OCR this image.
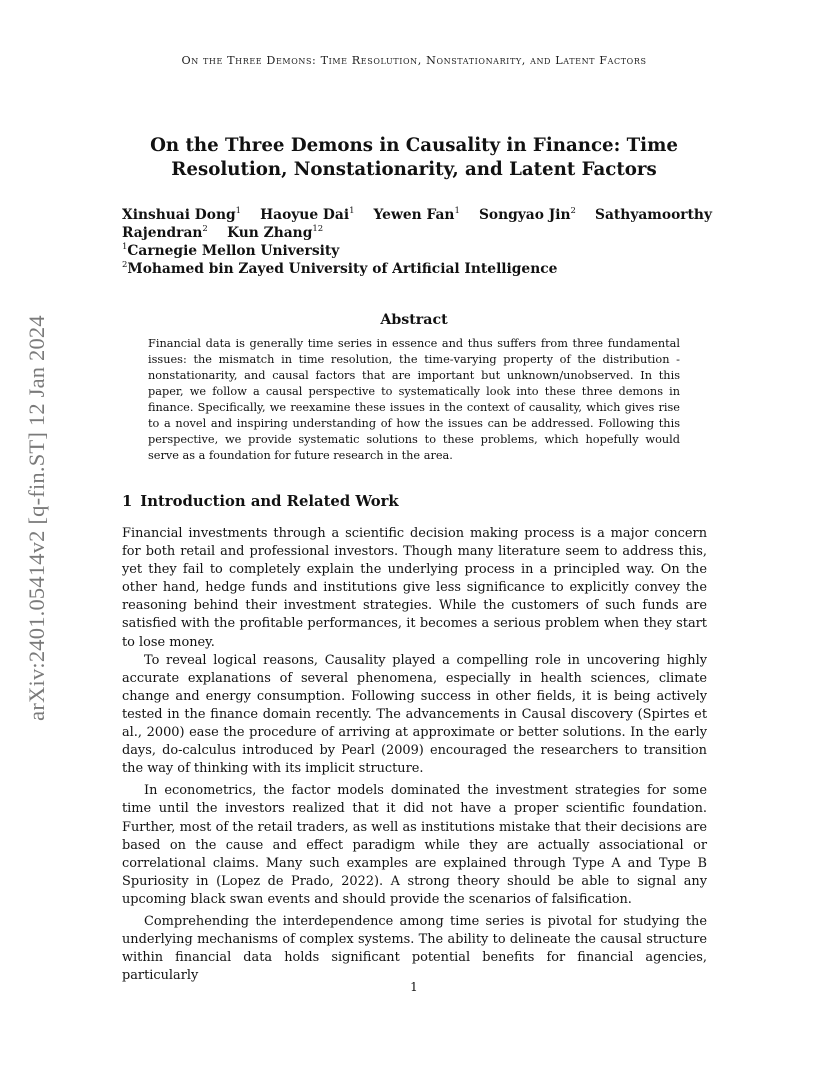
On the Three Demons: Time Resolution, Nonstationarity, and Latent Factors
arXiv:2401.05414v2 [q-fin.ST] 12 Jan 2024
On the Three Demons in Causality in Finance: Time Resolution, Nonstationarity, and Latent Factors
Xinshuai Dong$^1$ Haoyue Dai$^1$ Yewen Fan$^1$ Songyao Jin$^2$ Sathyamoorthy
Rajendran$^2$ Kun Zhang$^{12}$
$^1$Carnegie Mellon University
$^2$Mohamed bin Zayed University of Artificial Intelligence
Abstract
Financial data is generally time series in essence and thus suffers from three fundamental issues: the mismatch in time resolution, the time-varying property of the distribution - nonstationarity, and causal factors that are important but unknown/unobserved. In this paper, we follow a causal perspective to systematically look into these three demons in finance. Specifically, we reexamine these issues in the context of causality, which gives rise to a novel and inspiring understanding of how the issues can be addressed. Following this perspective, we provide systematic solutions to these problems, which hopefully would serve as a foundation for future research in the area.
1 Introduction and Related Work

Financial investments through a scientific decision making process is a major concern for both retail and professional investors. Though many literature seem to address this, yet they fail to completely explain the underlying process in a principled way. On the other hand, hedge funds and institutions give less significance to explicitly convey the reasoning behind their investment strategies. While the customers of such funds are satisfied with the profitable performances, it becomes a serious problem when they start to lose money.

To reveal logical reasons, Causality played a compelling role in uncovering highly accurate explanations of several phenomena, especially in health sciences, climate change and energy consumption. Following success in other fields, it is being actively tested in the finance domain recently. The advancements in Causal discovery (Spirtes et al., 2000) ease the procedure of arriving at approximate or better solutions. In the early days, do-calculus introduced by Pearl (2009) encouraged the researchers to transition the way of thinking with its implicit structure.

In econometrics, the factor models dominated the investment strategies for some time until the investors realized that it did not have a proper scientific foundation. Further, most of the retail traders, as well as institutions mistake that their decisions are based on the cause and effect paradigm while they are actually associational or correlational claims. Many such examples are explained through Type A and Type B Spuriosity in (Lopez de Prado, 2022). A strong theory should be able to signal any upcoming black swan events and should provide the scenarios of falsification.

Comprehending the interdependence among time series is pivotal for studying the underlying mechanisms of complex systems. The ability to delineate the causal structure within financial data holds significant potential benefits for financial agencies, particularly

1
